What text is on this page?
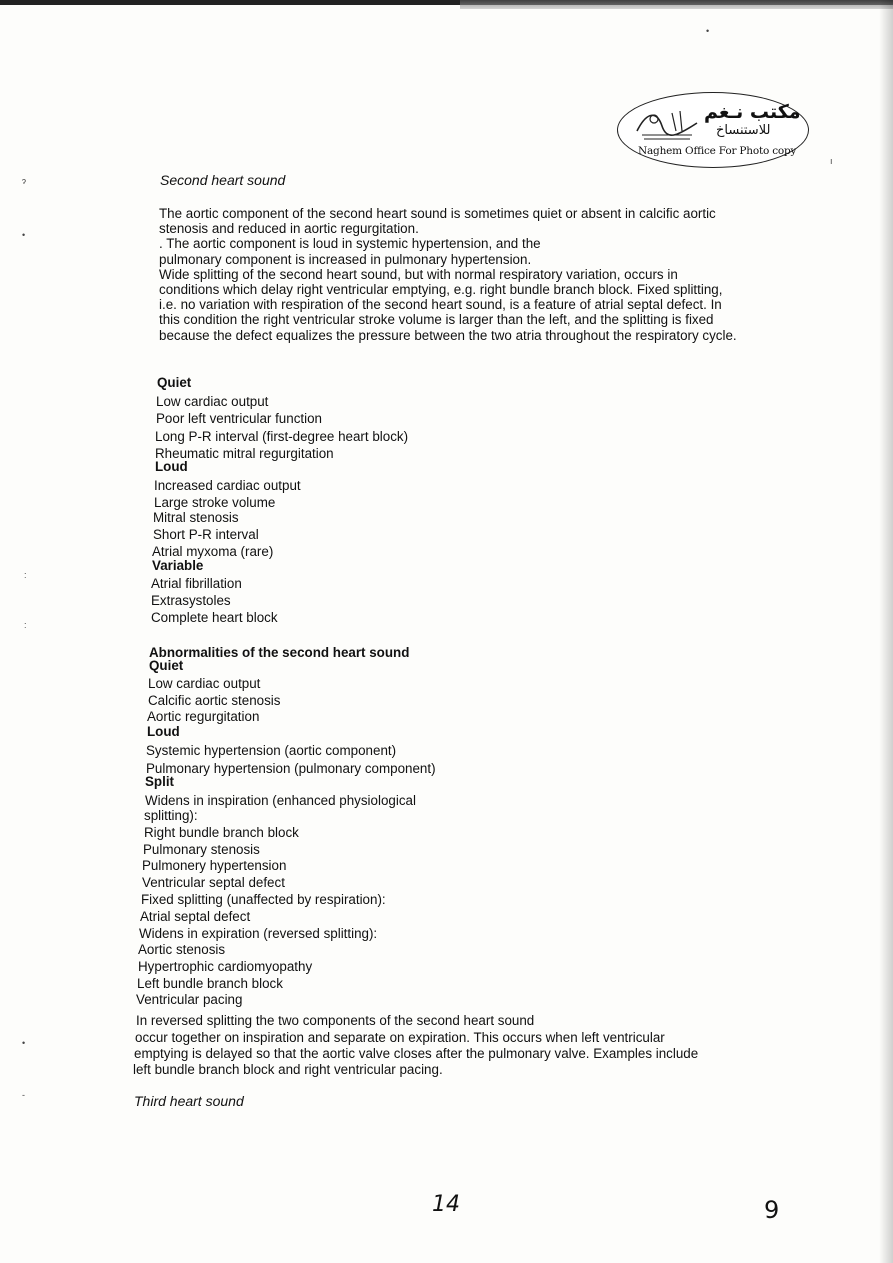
مكتب نـغم
للاستنساخ
Naghem Office For Photo copy
ɂ
•
:
:
•
-
•
ı
Second heart sound
The aortic component of the second heart sound is sometimes quiet or absent in calcific aortic
stenosis and reduced in aortic regurgitation.
. The aortic component is loud in systemic hypertension, and the
pulmonary component is increased in pulmonary hypertension.
Wide splitting of the second heart sound, but with normal respiratory variation, occurs in
conditions which delay right ventricular emptying, e.g. right bundle branch block. Fixed splitting,
i.e. no variation with respiration of the second heart sound, is a feature of atrial septal defect. In
this condition the right ventricular stroke volume is larger than the left, and the splitting is fixed
because the defect equalizes the pressure between the two atria throughout the respiratory cycle.
Quiet
Low cardiac output
Poor left ventricular function
Long P-R interval (first-degree heart block)
Rheumatic mitral regurgitation
Loud
Increased cardiac output
Large stroke volume
Mitral stenosis
Short P-R interval
Atrial myxoma (rare)
Variable
Atrial fibrillation
Extrasystoles
Complete heart block
Abnormalities of the second heart sound
Quiet
Low cardiac output
Calcific aortic stenosis
Aortic regurgitation
Loud
Systemic hypertension (aortic component)
Pulmonary hypertension (pulmonary component)
Split
Widens in inspiration (enhanced physiological
splitting):
Right bundle branch block
Pulmonary stenosis
Pulmonery hypertension
Ventricular septal defect
Fixed splitting (unaffected by respiration):
Atrial septal defect
Widens in expiration (reversed splitting):
Aortic stenosis
Hypertrophic cardiomyopathy
Left bundle branch block
Ventricular pacing
In reversed splitting the two components of the second heart sound
occur together on inspiration and separate on expiration. This occurs when left ventricular
emptying is delayed so that the aortic valve closes after the pulmonary valve. Examples include
left bundle branch block and right ventricular pacing.
Third heart sound
14	9
